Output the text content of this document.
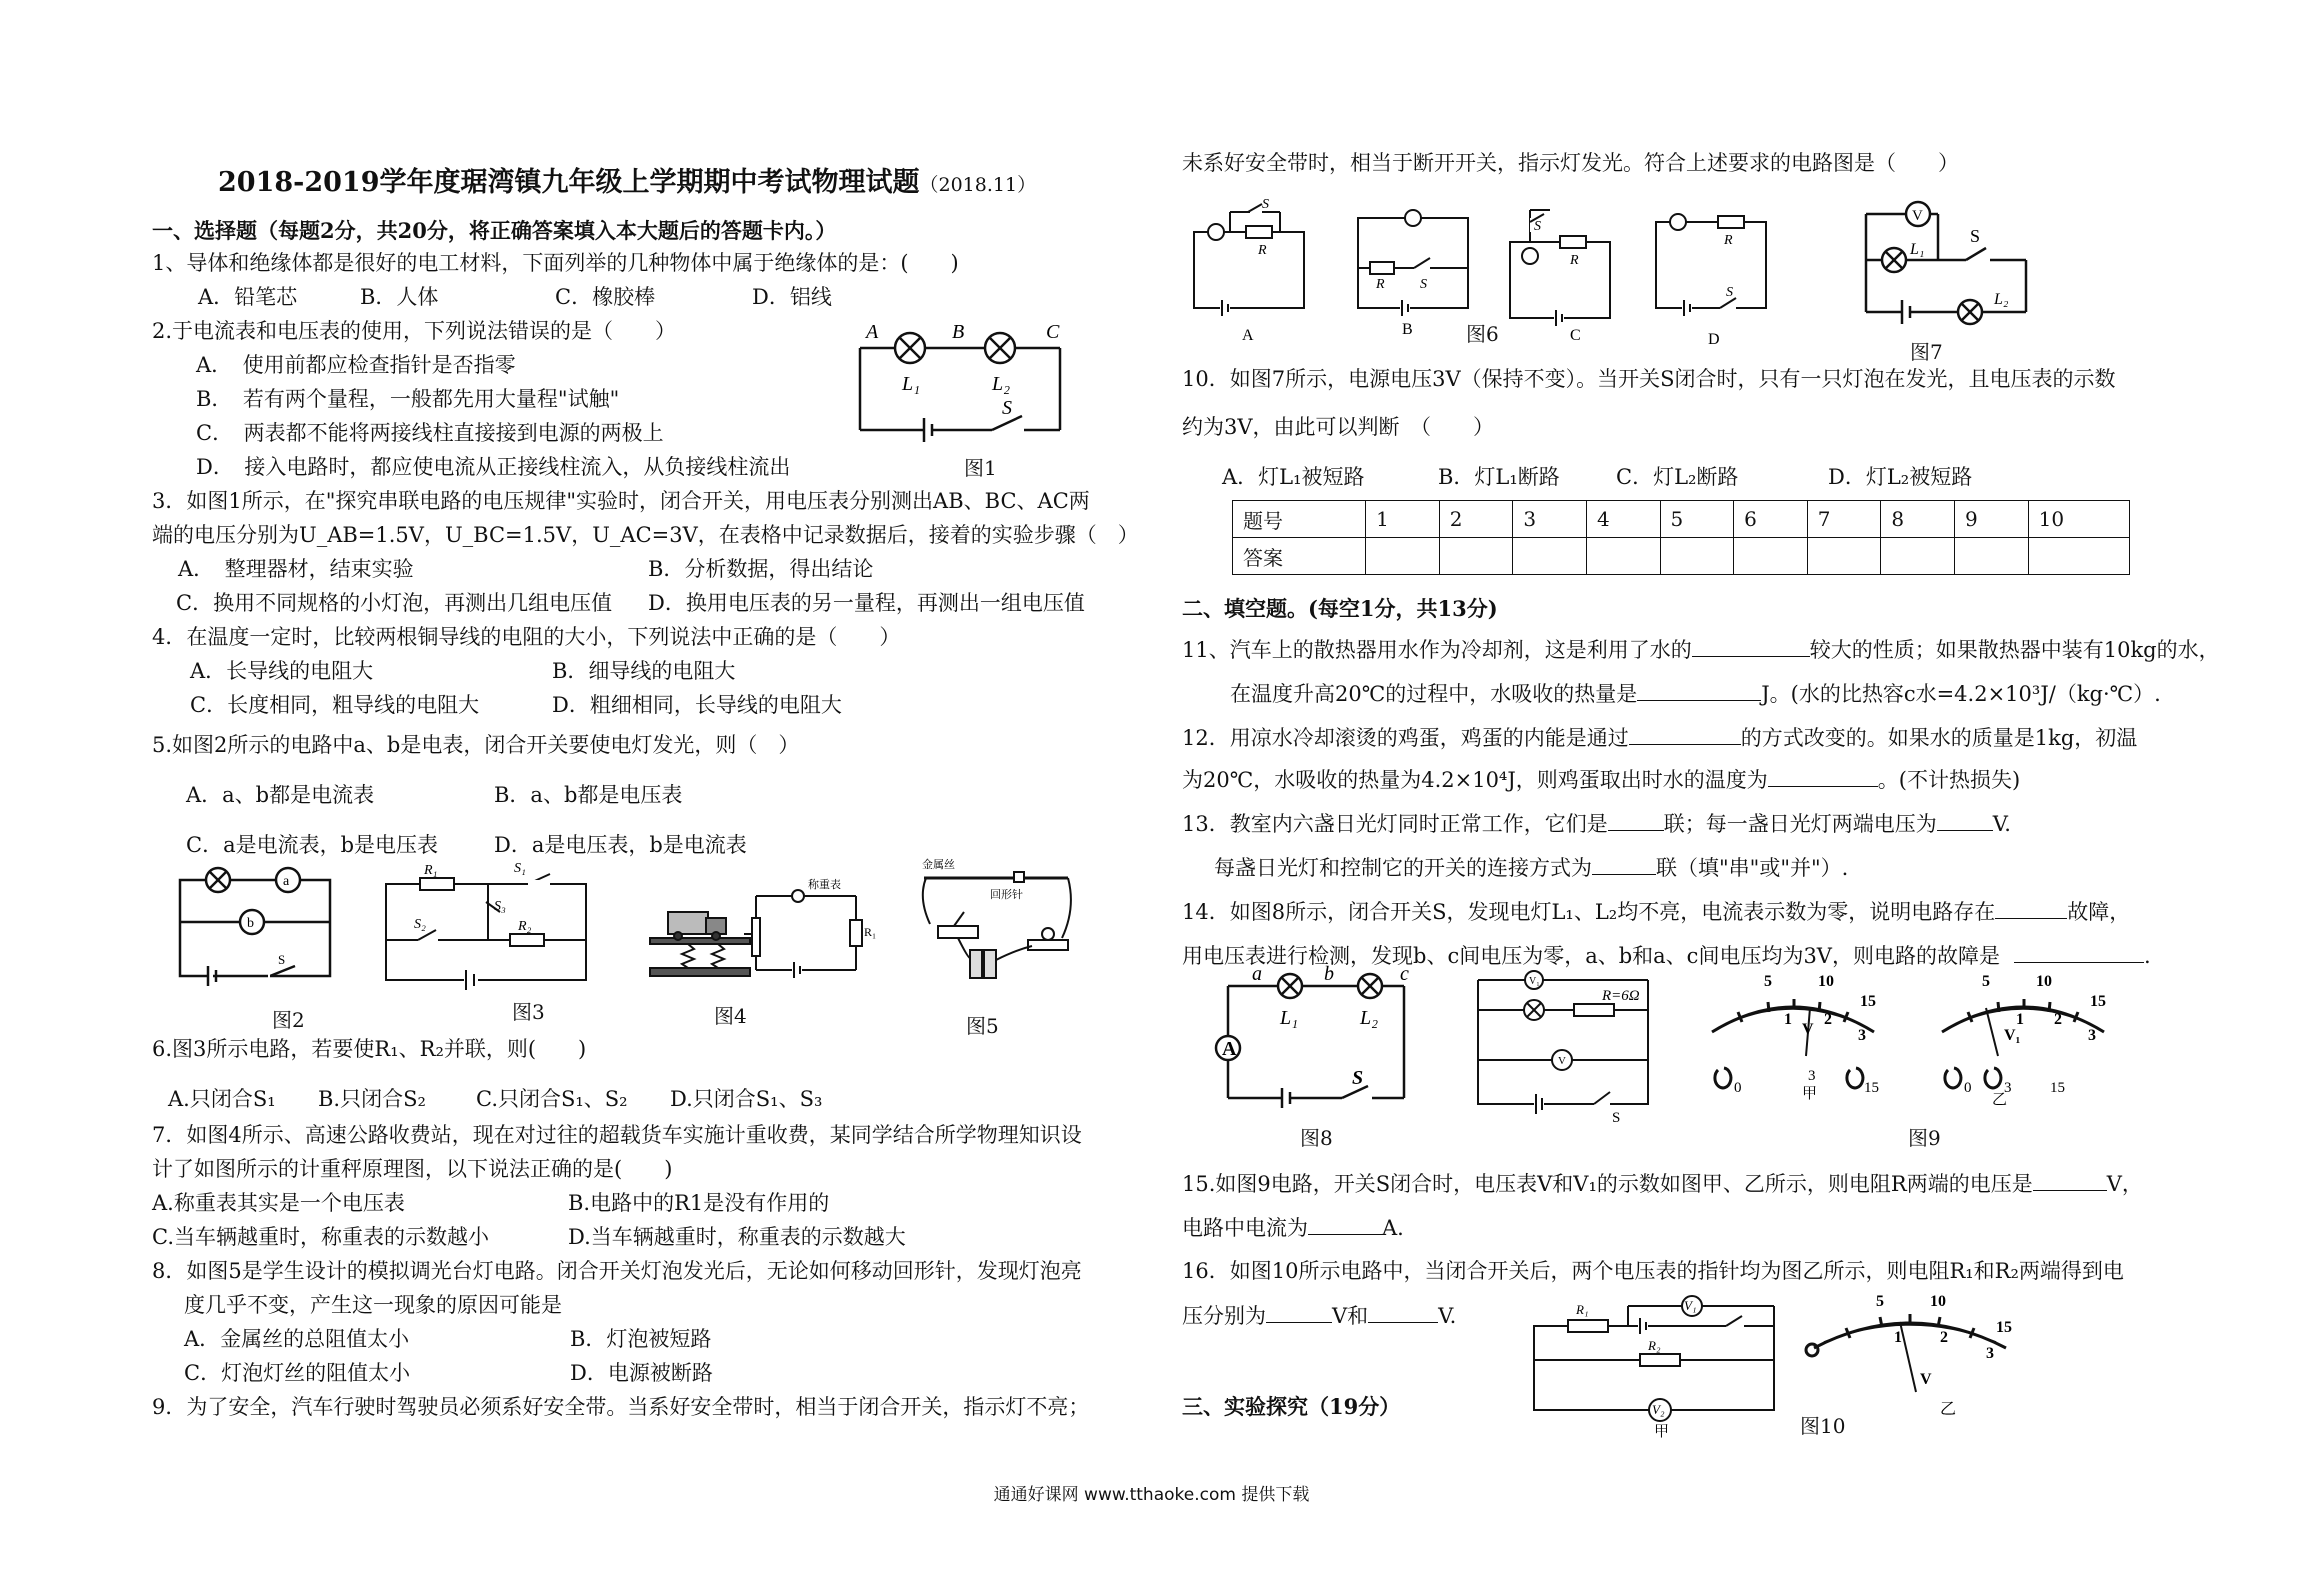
2018-2019学年度琚湾镇九年级上学期期中考试物理试题（2018.11）
一、选择题（每题2分，共20分，将正确答案填入本大题后的答题卡内。）
1、导体和绝缘体都是很好的电工材料，下面列举的几种物体中属于绝缘体的是：(　　)
A．铅笔芯	B．人体	C．橡胶棒	D．铝线
2.于电流表和电压表的使用，下列说法错误的是（　　）
A．　使用前都应检查指针是否指零
B．　若有两个量程，一般都先用大量程"试触"
C．　两表都不能将两接线柱直接接到电源的两极上
D．　接入电路时，都应使电流从正接线柱流入，从负接线柱流出
A	B	C
L₁	L₂
S
图1
3．如图1所示，在"探究串联电路的电压规律"实验时，闭合开关，用电压表分别测出AB、BC、AC两
端的电压分别为U_AB=1.5V，U_BC=1.5V，U_AC=3V，在表格中记录数据后，接着的实验步骤（　）
A．　整理器材，结束实验	B．分析数据，得出结论
C．换用不同规格的小灯泡，再测出几组电压值 D．换用电压表的另一量程，再测出一组电压值
4．在温度一定时，比较两根铜导线的电阻的大小，下列说法中正确的是（　　）
A．长导线的电阻大	B．细导线的电阻大
C．长度相同，粗导线的电阻大	D．粗细相同，长导线的电阻大
5.如图2所示的电路中a、b是电表，闭合开关要使电灯发光，则（　）
A．a、b都是电流表	B．a、b都是电压表
C．a是电流表，b是电压表	D．a是电压表，b是电流表
a
b
S
图2
R₁	S₁
S₃
S₂	R₂
图3
称重表
R₁
图4
金属丝
回形针
图5
6.图3所示电路，若要使R₁、R₂并联，则(　　)
A.只闭合S₁ B.只闭合S₂ C.只闭合S₁、S₂ D.只闭合S₁、S₃
7．如图4所示、高速公路收费站，现在对过往的超载货车实施计重收费，某同学结合所学物理知识设
计了如图所示的计重秤原理图，以下说法正确的是(　　)
A.称重表其实是一个电压表	B.电路中的R1是没有作用的
C.当车辆越重时，称重表的示数越小	D.当车辆越重时，称重表的示数越大
8．如图5是学生设计的模拟调光台灯电路。闭合开关灯泡发光后，无论如何移动回形针，发现灯泡亮
度几乎不变，产生这一现象的原因可能是
A．金属丝的总阻值太小	B．灯泡被短路
C．灯泡灯丝的阻值太小	D．电源被断路
9．为了安全，汽车行驶时驾驶员必须系好安全带。当系好安全带时，相当于闭合开关，指示灯不亮；
未系好安全带时，相当于断开开关，指示灯发光。符合上述要求的电路图是（　　）
R
S
R	S
S
R
R
S
A	B	C	D
图6
V
L₁
S
L₂
图7
10．如图7所示，电源电压3V（保持不变）。当开关S闭合时，只有一只灯泡在发光，且电压表的示数
约为3V，由此可以判断　（　　）
A．灯L₁被短路	B．灯L₁断路	C．灯L₂断路	D．灯L₂被短路
题号	1	2	3	4	5	6	7	8	9	10
答案										
二、填空题。(每空1分，共13分)
11、汽车上的散热器用水作为冷却剂，这是利用了水的	较大的性质；如果散热器中装有10kg的水，
在温度升高20℃的过程中，水吸收的热量是	J。(水的比热容c水=4.2×10³J/（kg·℃）.
12．用凉水冷却滚烫的鸡蛋，鸡蛋的内能是通过	的方式改变的。如果水的质量是1kg，初温
为20℃，水吸收的热量为4.2×10⁴J，则鸡蛋取出时水的温度为	。(不计热损失)
13．教室内六盏日光灯同时正常工作，它们是	联；每一盏日光灯两端电压为	V.
每盏日光灯和控制它的开关的连接方式为	联（填"串"或"并"）.
14．如图8所示，闭合开关S，发现电灯L₁、L₂均不亮，电流表示数为零，说明电路存在	故障，
用电压表进行检测，发现b、c间电压为零，a、b和a、c间电压均为3V，则电路的故障是	.
A
a	b	c
L₁	L₂
S
图8
V₁
V
R=6Ω
S
5	10
15
1 2
3
V
0
3
15
甲
5	10
15
1 2
3
V₁
0 3	15
乙
图9
15.如图9电路，开关S闭合时，电压表V和V₁的示数如图甲、乙所示，则电阻R两端的电压是	V，
电路中电流为	A.
16．如图10所示电路中，当闭合开关后，两个电压表的指针均为图乙所示，则电阻R₁和R₂两端得到电
压分别为	V和	V.	R₁	V₁
R₂
V₂
甲
5	10
15
1 2
3
V
乙
图10
三、实验探究（19分）
通通好课网 www.tthaoke.com 提供下载
